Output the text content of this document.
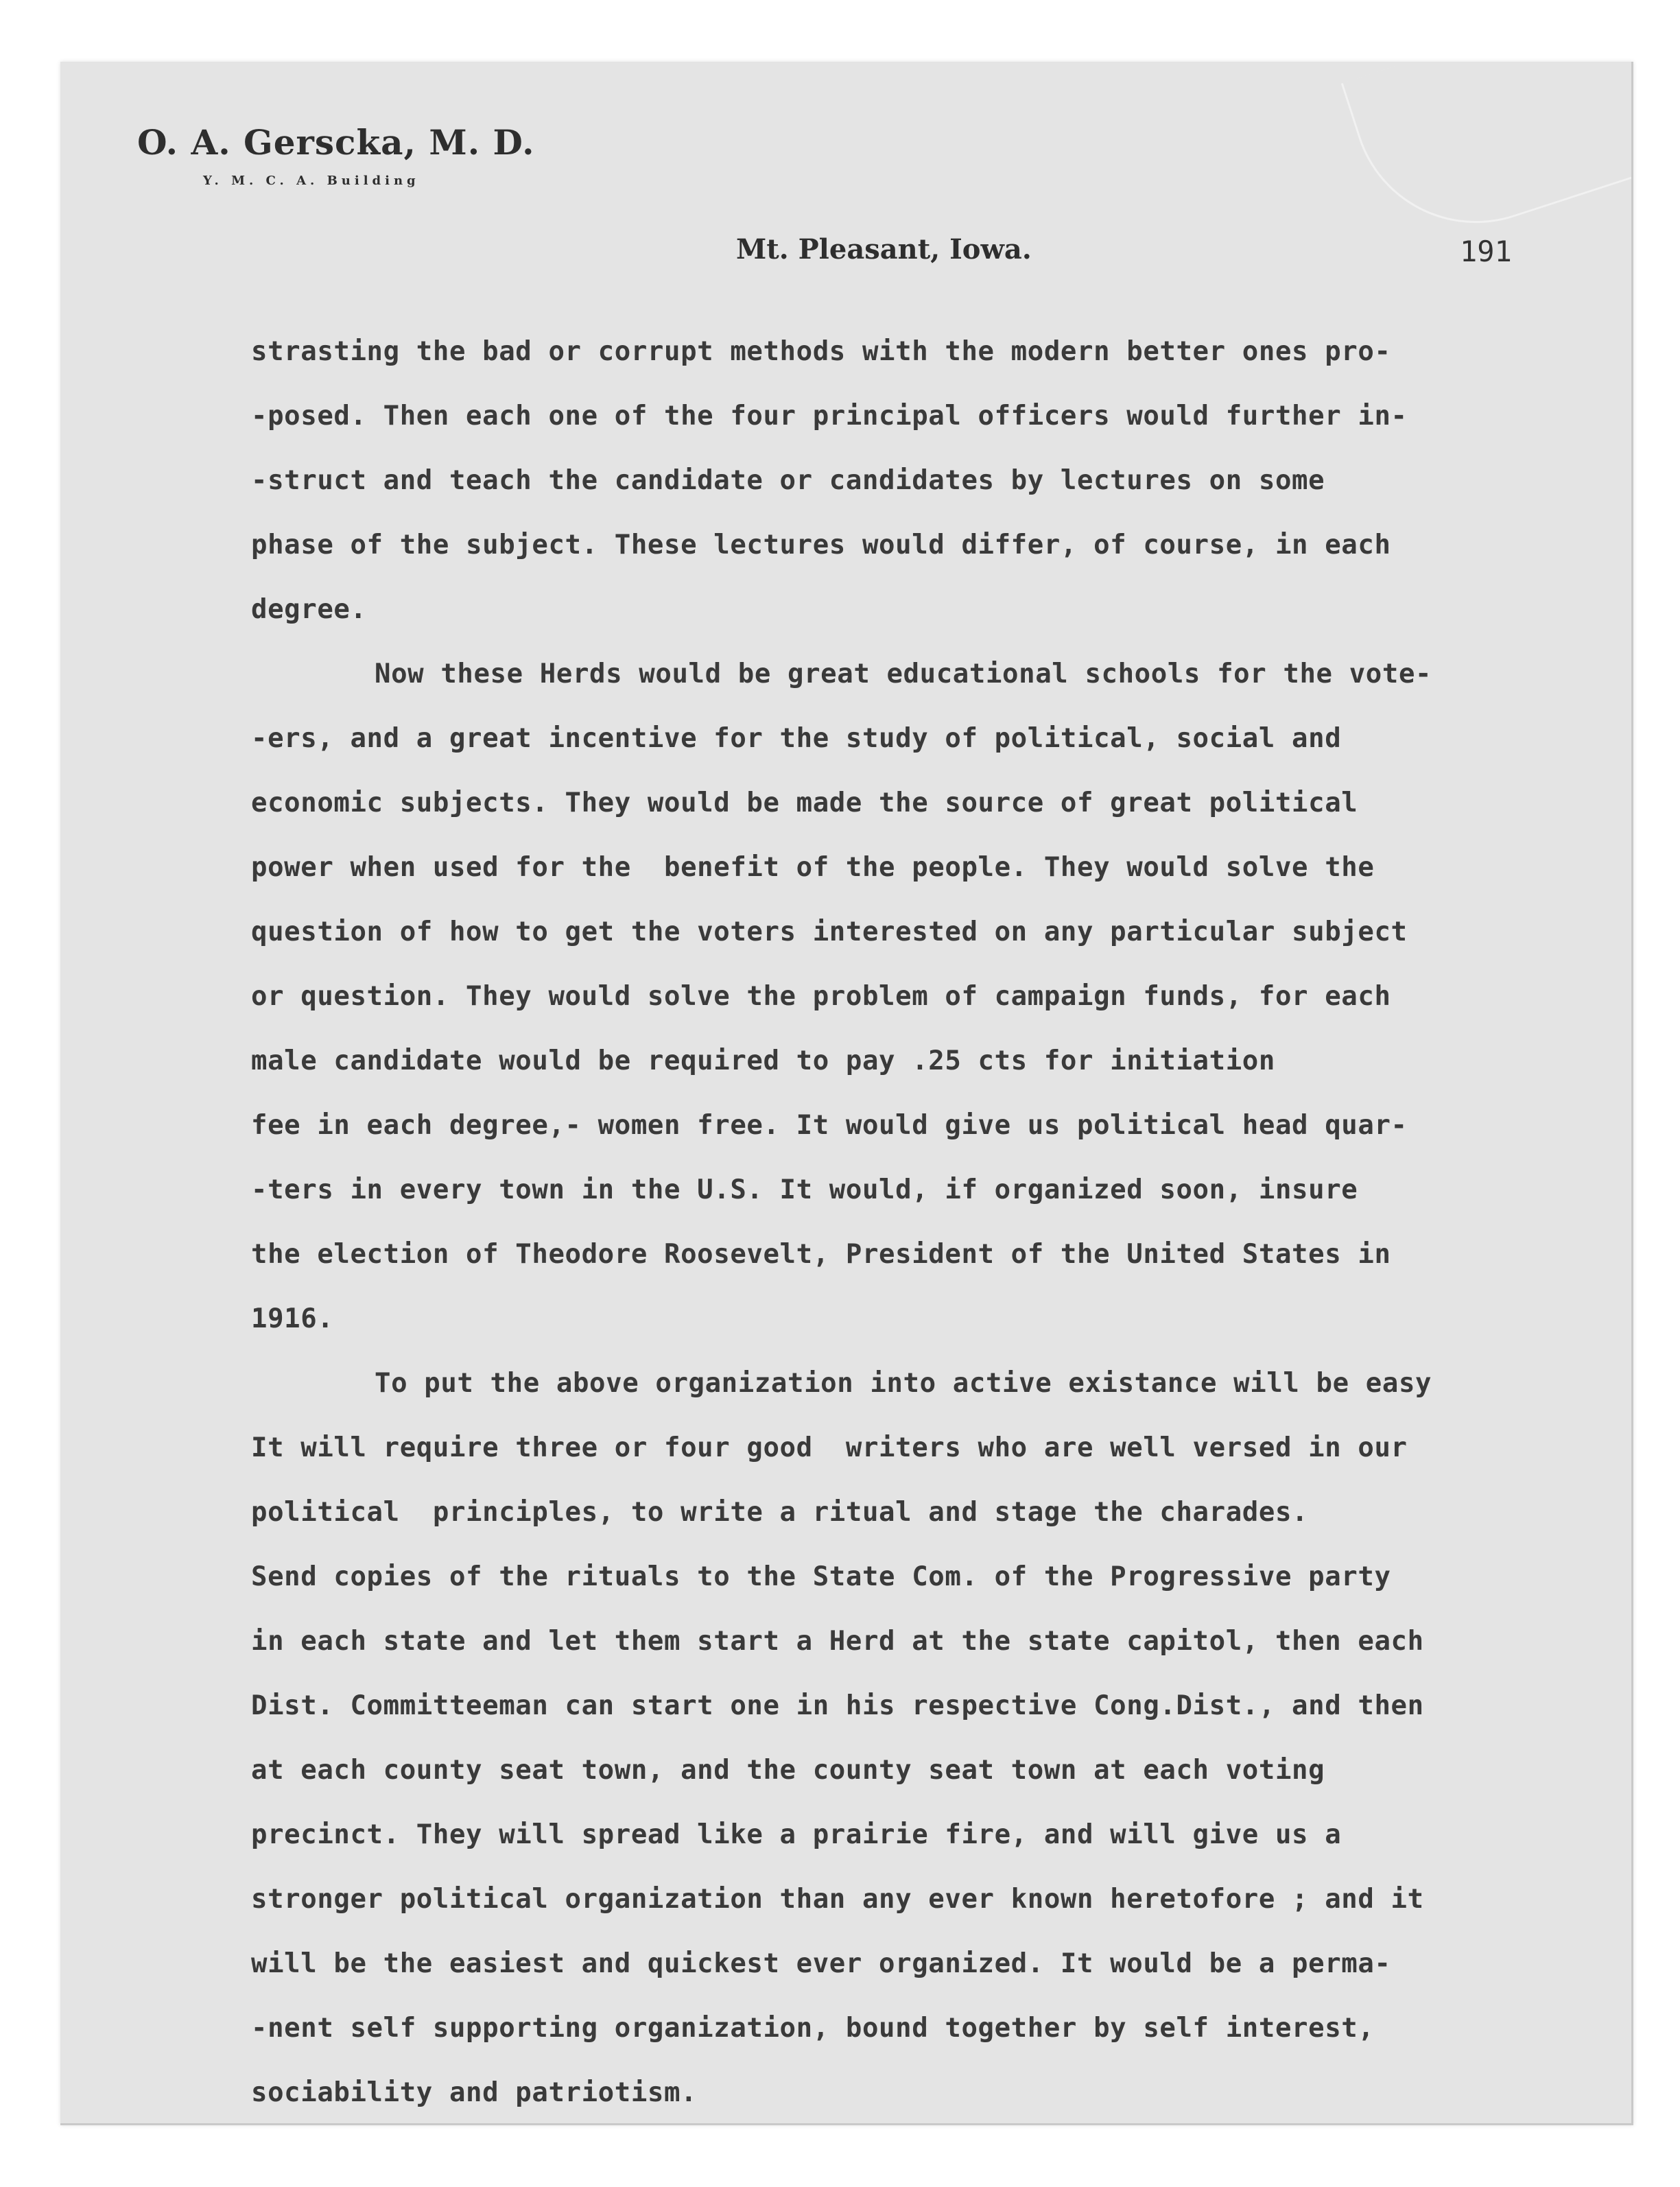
O. A. Gerscka, M. D.
Y. M. C. A. Building
Mt. Pleasant, Iowa.	191
strasting the bad or corrupt methods with the modern better ones pro-
-posed. Then each one of the four principal officers would further in-
-struct and teach the candidate or candidates by lectures on some
phase of the subject. These lectures would differ, of course, in each
degree.
Now these Herds would be great educational schools for the vote-
-ers, and a great incentive for the study of political, social and
economic subjects. They would be made the source of great political
power when used for the  benefit of the people. They would solve the
question of how to get the voters interested on any particular subject
or question. They would solve the problem of campaign funds, for each
male candidate would be required to pay .25 cts for initiation
fee in each degree,- women free. It would give us political head quar-
-ters in every town in the U.S. It would, if organized soon, insure
the election of Theodore Roosevelt, President of the United States in
1916.
To put the above organization into active existance will be easy
It will require three or four good  writers who are well versed in our
political  principles, to write a ritual and stage the charades.
Send copies of the rituals to the State Com. of the Progressive party
in each state and let them start a Herd at the state capitol, then each
Dist. Committeeman can start one in his respective Cong.Dist., and then
at each county seat town, and the county seat town at each voting
precinct. They will spread like a prairie fire, and will give us a
stronger political organization than any ever known heretofore ; and it
will be the easiest and quickest ever organized. It would be a perma-
-nent self supporting organization, bound together by self interest,
sociability and patriotism.
